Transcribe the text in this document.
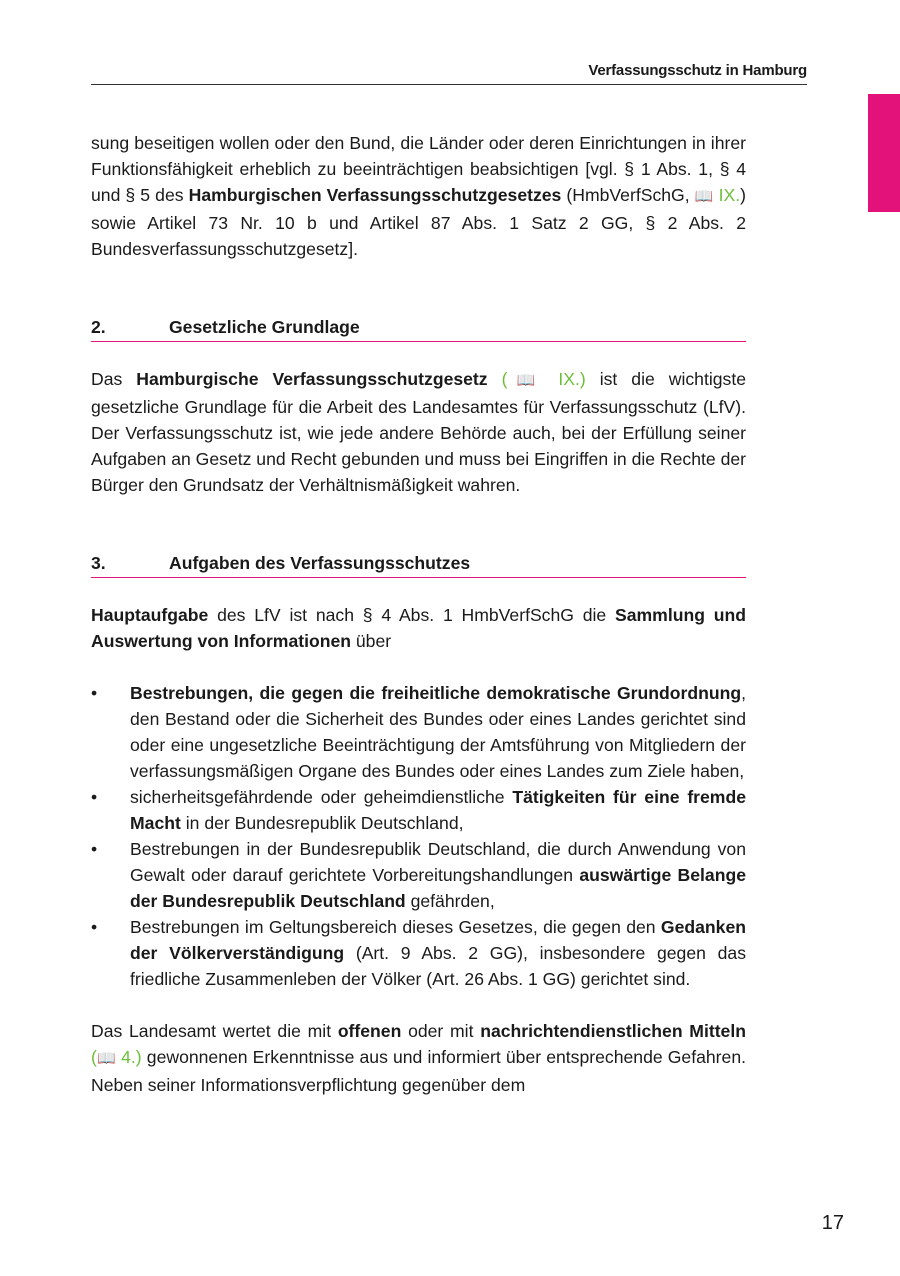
Verfassungsschutz in Hamburg

sung beseitigen wollen oder den Bund, die Länder oder deren Einrichtungen in ihrer Funktionsfähigkeit erheblich zu beeinträchtigen beabsichtigen [vgl. § 1 Abs. 1, § 4 und § 5 des Hamburgischen Verfassungsschutzgesetzes (HmbVerfSchG, 📖 IX.) sowie Artikel 73 Nr. 10 b und Artikel 87 Abs. 1 Satz 2 GG, § 2 Abs. 2 Bundesverfassungsschutzgesetz].

2.	Gesetzliche Grundlage

Das Hamburgische Verfassungsschutzgesetz (📖 IX.) ist die wichtigste gesetzliche Grundlage für die Arbeit des Landesamtes für Verfassungsschutz (LfV). Der Verfassungsschutz ist, wie jede andere Behörde auch, bei der Erfüllung seiner Aufgaben an Gesetz und Recht gebunden und muss bei Eingriffen in die Rechte der Bürger den Grundsatz der Verhältnismäßigkeit wahren.

3.	Aufgaben des Verfassungsschutzes

Hauptaufgabe des LfV ist nach § 4 Abs. 1 HmbVerfSchG die Sammlung und Auswertung von Informationen über

•	Bestrebungen, die gegen die freiheitliche demokratische Grundordnung, den Bestand oder die Sicherheit des Bundes oder eines Landes gerichtet sind oder eine ungesetzliche Beeinträchtigung der Amtsführung von Mitgliedern der verfassungsmäßigen Organe des Bundes oder eines Landes zum Ziele haben,
•	sicherheitsgefährdende oder geheimdienstliche Tätigkeiten für eine fremde Macht in der Bundesrepublik Deutschland,
•	Bestrebungen in der Bundesrepublik Deutschland, die durch Anwendung von Gewalt oder darauf gerichtete Vorbereitungshandlungen auswärtige Belange der Bundesrepublik Deutschland gefährden,
•	Bestrebungen im Geltungsbereich dieses Gesetzes, die gegen den Gedanken der Völkerverständigung (Art. 9 Abs. 2 GG), insbesondere gegen das friedliche Zusammenleben der Völker (Art. 26 Abs. 1 GG) gerichtet sind.

Das Landesamt wertet die mit offenen oder mit nachrichtendienstlichen Mitteln (📖 4.) gewonnenen Erkenntnisse aus und informiert über entsprechende Gefahren. Neben seiner Informationsverpflichtung gegenüber dem

17
